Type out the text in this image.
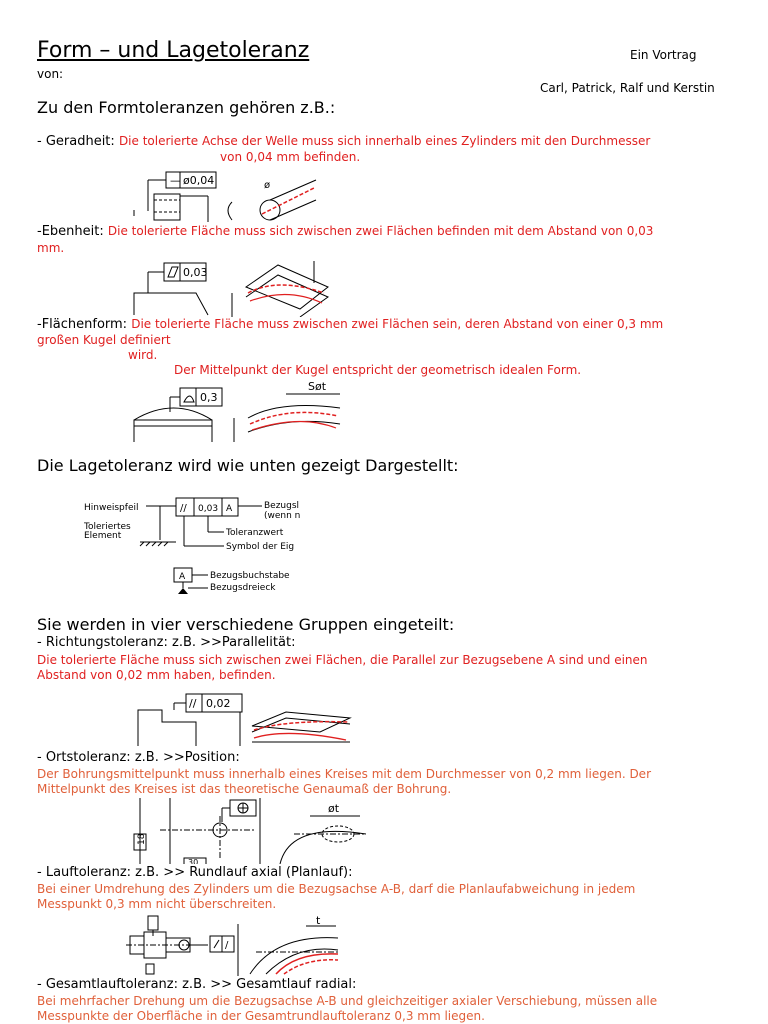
Form – und Lagetoleranz	Ein Vortrag
von:
Carl, Patrick, Ralf und Kerstin
Zu den Formtoleranzen gehören z.B.:
- Geradheit: Die tolerierte Achse der Welle muss sich innerhalb eines Zylinders mit den Durchmesser
von 0,04 mm befinden.
— ø0,04	ø
-Ebenheit: Die tolerierte Fläche muss sich zwischen zwei Flächen befinden mit dem Abstand von 0,03
mm.
0,03
-Flächenform: Die tolerierte Fläche muss zwischen zwei Flächen sein, deren Abstand von einer 0,3 mm
großen Kugel definiert
wird.
Der Mittelpunkt der Kugel entspricht der geometrisch idealen Form.
0,3
Søt
Die Lagetoleranz wird wie unten gezeigt Dargestellt:
Hinweispfeil
Toleriertes
Element
// 0,03 A	Bezugsl
(wenn n
Toleranzwert
Symbol der Eig
A	Bezugsbuchstabe
Bezugsdreieck
Sie werden in vier verschiedene Gruppen eingeteilt:
- Richtungstoleranz: z.B. >>Parallelität:
Die tolerierte Fläche muss sich zwischen zwei Flächen, die Parallel zur Bezugsebene A sind und einen
Abstand von 0,02 mm haben, befinden.
// 0,02
- Ortstoleranz: z.B. >>Position:
Der Bohrungsmittelpunkt muss innerhalb eines Kreises mit dem Durchmesser von 0,2 mm liegen. Der
Mittelpunkt des Kreises ist das theoretische Genaumaß der Bohrung.
18
30
øt
- Lauftoleranz: z.B. >> Rundlauf axial (Planlauf):
Bei einer Umdrehung des Zylinders um die Bezugsachse A-B, darf die Planlaufabweichung in jedem
Messpunkt 0,3 mm nicht überschreiten.
/
t
- Gesamtlauftoleranz: z.B. >> Gesamtlauf radial:
Bei mehrfacher Drehung um die Bezugsachse A-B und gleichzeitiger axialer Verschiebung, müssen alle
Messpunkte der Oberfläche in der Gesamtrundlauftoleranz 0,3 mm liegen.
